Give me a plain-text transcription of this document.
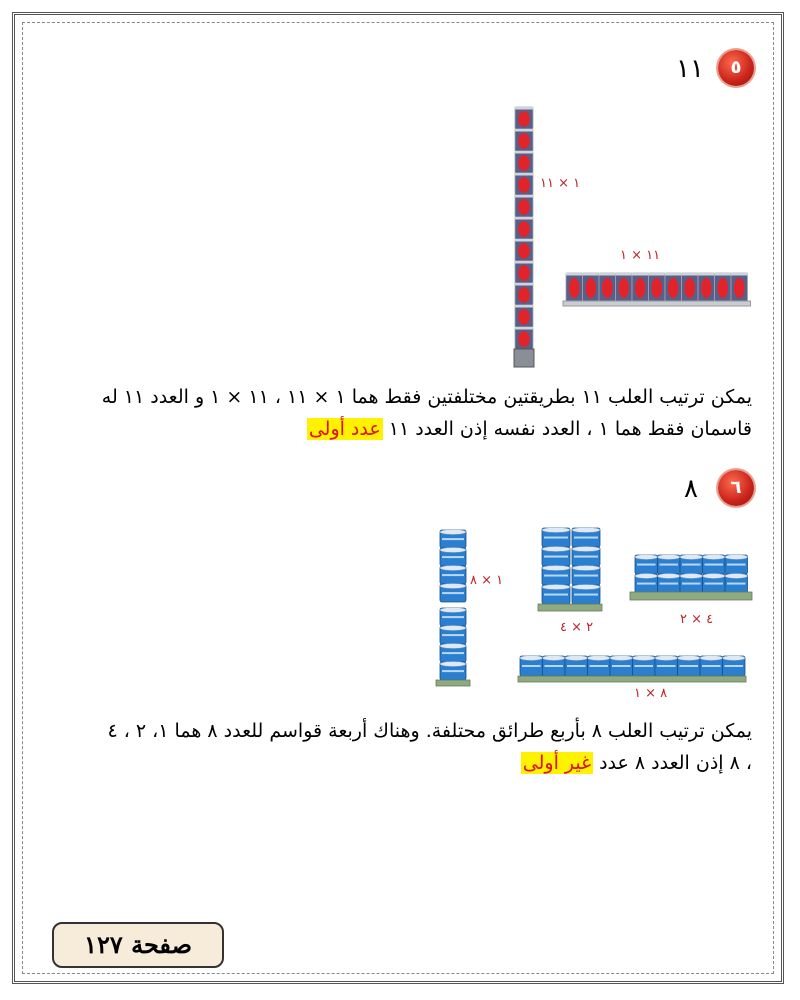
٥
١١
١ × ١١
١١ × ١
يمكن ترتيب العلب ١١ بطريقتين مختلفتين فقط هما ١ × ١١ ، ١١ × ١ و العدد ١١ له
قاسمان فقط هما ١ ، العدد نفسه إذن العدد ١١ عدد أولى
٦
٨
١ × ٨
٢ × ٤
٤ × ٢
٨ × ١
يمكن ترتيب العلب ٨ بأربع طرائق محتلفة. وهناك أربعة قواسم للعدد ٨ هما ١، ٢ ، ٤
، ٨ إذن العدد ٨ عدد غير أولى
صفحة ١٢٧
